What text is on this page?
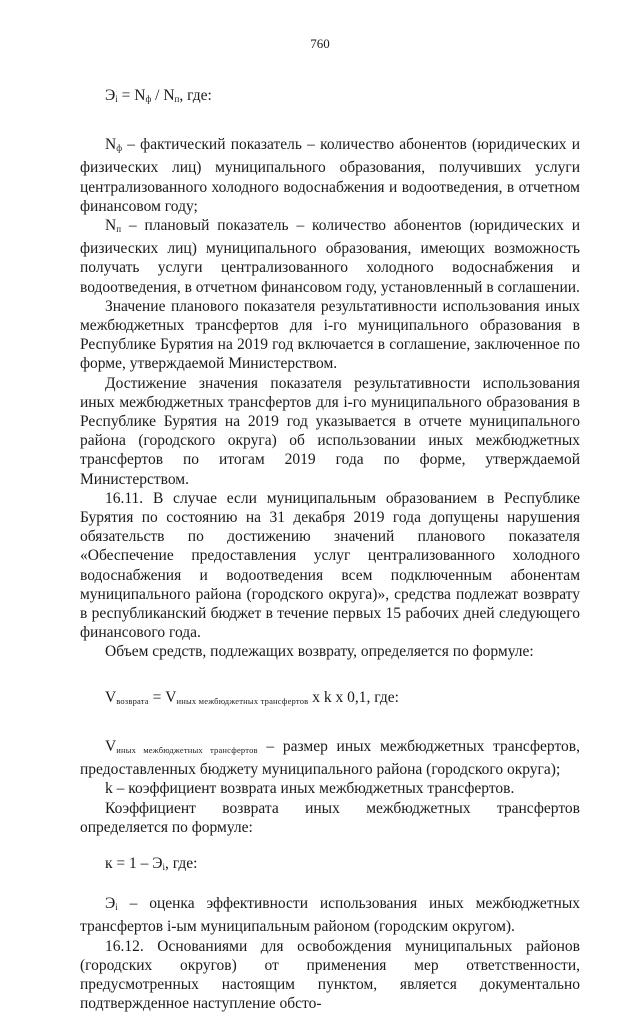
760

$Э_i = N_ф / N_п$, где:

$N_ф$ – фактический показатель – количество абонентов (юридических и физических лиц) муниципального образования, получивших услуги централизованного холодного водоснабжения и водоотведения, в отчетном финансовом году;

$N_п$ – плановый показатель – количество абонентов (юридических и физических лиц) муниципального образования, имеющих возможность получать услуги централизованного холодного водоснабжения и водоотведения, в отчетном финансовом году, установленный в соглашении.

Значение планового показателя результативности использования иных межбюджетных трансфертов для i-го муниципального образования в Республике Бурятия на 2019 год включается в соглашение, заключенное по форме, утверждаемой Министерством.

Достижение значения показателя результативности использования иных межбюджетных трансфертов для i-го муниципального образования в Республике Бурятия на 2019 год указывается в отчете муниципального района (городского округа) об использовании иных межбюджетных трансфертов по итогам 2019 года по форме, утверждаемой Министерством.

16.11. В случае если муниципальным образованием в Республике Бурятия по состоянию на 31 декабря 2019 года допущены нарушения обязательств по достижению значений планового показателя «Обеспечение предоставления услуг централизованного холодного водоснабжения и водоотведения всем подключенным абонентам муниципального района (городского округа)», средства подлежат возврату в республиканский бюджет в течение первых 15 рабочих дней следующего финансового года.

Объем средств, подлежащих возврату, определяется по формуле:

Vвозврата = Vиных межбюджетных трансфертов x k x 0,1, где:

Vиных межбюджетных трансфертов – размер иных межбюджетных трансфертов, предоставленных бюджету муниципального района (городского округа);

k – коэффициент возврата иных межбюджетных трансфертов.

Коэффициент возврата иных межбюджетных трансфертов определяется по формуле:

$к = 1 - Э_i$, где:

$Э_i$ – оценка эффективности использования иных межбюджетных трансфертов i-ым муниципальным районом (городским округом).

16.12. Основаниями для освобождения муниципальных районов (городских округов) от применения мер ответственности, предусмотренных настоящим пунктом, является документально подтвержденное наступление обсто-
